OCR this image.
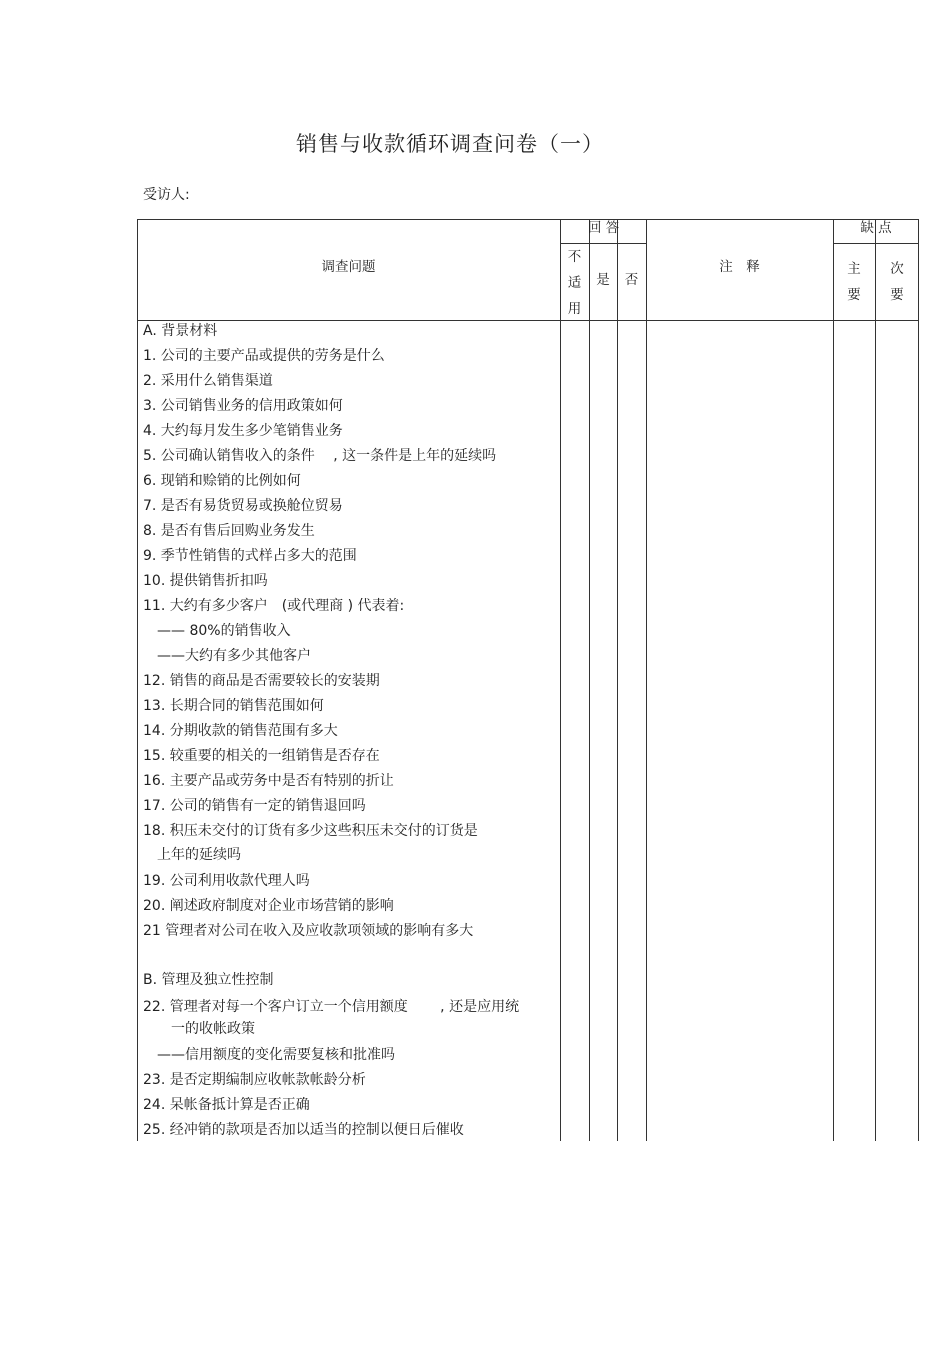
销售与收款循环调查问卷（一）
受访人:
调查问题
回 答
不
适
用
是	否
注　释
缺 点
主
要
次
要
A. 背景材料
1. 公司的主要产品或提供的劳务是什么
2. 采用什么销售渠道
3. 公司销售业务的信用政策如何
4. 大约每月发生多少笔销售业务
5. 公司确认销售收入的条件　 , 这一条件是上年的延续吗
6. 现销和赊销的比例如何
7. 是否有易货贸易或换舱位贸易
8. 是否有售后回购业务发生
9. 季节性销售的式样占多大的范围
10. 提供销售折扣吗
11. 大约有多少客户　(或代理商 ) 代表着:
　—— 80%的销售收入
　——大约有多少其他客户
12. 销售的商品是否需要较长的安装期
13. 长期合同的销售范围如何
14. 分期收款的销售范围有多大
15. 较重要的相关的一组销售是否存在
16. 主要产品或劳务中是否有特别的折让
17. 公司的销售有一定的销售退回吗
18. 积压未交付的订货有多少这些积压未交付的订货是
　上年的延续吗
19. 公司利用收款代理人吗
20. 阐述政府制度对企业市场营销的影响
21 管理者对公司在收入及应收款项领域的影响有多大
B. 管理及独立性控制
22. 管理者对每一个客户订立一个信用额度　　 , 还是应用统
　　一的收帐政策
　——信用额度的变化需要复核和批准吗
23. 是否定期编制应收帐款帐龄分析
24. 呆帐备抵计算是否正确
25. 经冲销的款项是否加以适当的控制以便日后催收
